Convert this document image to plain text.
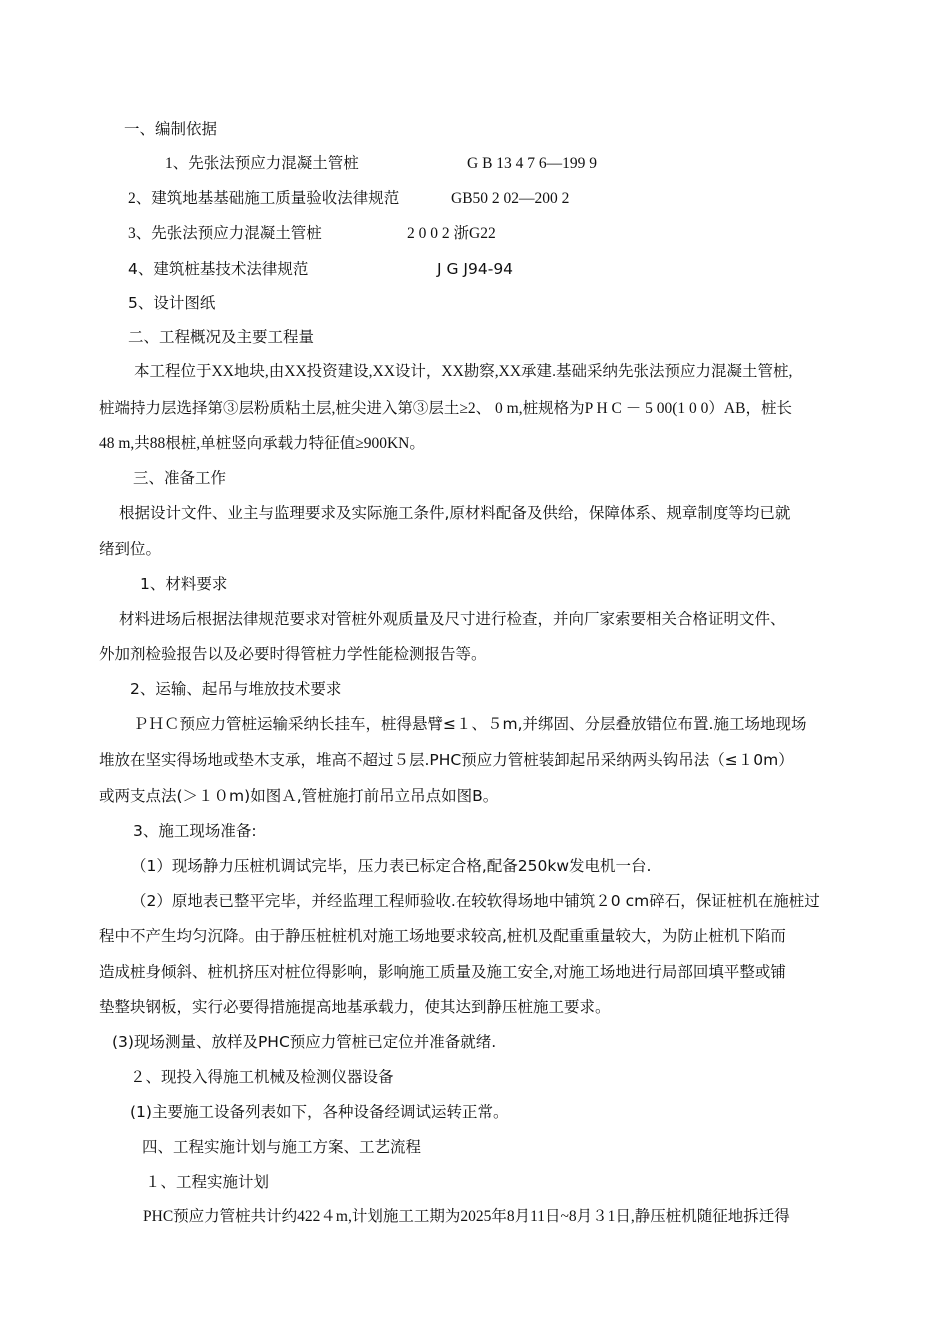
一、编制依据
1、先张法预应力混凝土管桩	G B 13 4 7 6—199 9
2、建筑地基基础施工质量验收法律规范	GB50 2 02—200 2
3、先张法预应力混凝土管桩	2 0 0 2 浙G22
4、建筑桩基技术法律规范	J G J94-94
5、设计图纸
二、工程概况及主要工程量
本工程位于XX地块,由XX投资建设,XX设计，XX勘察,XX承建.基础采纳先张法预应力混凝土管桩,
桩端持力层选择第③层粉质粘土层,桩尖进入第③层土≥2、 0 m,桩规格为P H C － 5 00(1 0 0）AB，桩长
48 m,共88根桩,单桩竖向承载力特征值≥900KN。
三、准备工作
根据设计文件、业主与监理要求及实际施工条件,原材料配备及供给，保障体系、规章制度等均已就
绪到位。
1、材料要求
材料进场后根据法律规范要求对管桩外观质量及尺寸进行检查，并向厂家索要相关合格证明文件、
外加剂检验报告以及必要时得管桩力学性能检测报告等。
2、运输、起吊与堆放技术要求
ＰＨＣ预应力管桩运输采纳长挂车，桩得悬臂≤１、５m,并绑固、分层叠放错位布置.施工场地现场
堆放在坚实得场地或垫木支承，堆高不超过５层.PHC预应力管桩装卸起吊采纳两头钩吊法（≤１0m）
或两支点法(＞１０m)如图Ａ,管桩施打前吊立吊点如图B。
3、施工现场准备:
（1）现场静力压桩机调试完毕，压力表已标定合格,配备250kw发电机一台.
（2）原地表已整平完毕，并经监理工程师验收.在较软得场地中铺筑２0 cm碎石，保证桩机在施桩过
程中不产生均匀沉降。由于静压桩桩机对施工场地要求较高,桩机及配重重量较大，为防止桩机下陷而
造成桩身倾斜、桩机挤压对桩位得影响，影响施工质量及施工安全,对施工场地进行局部回填平整或铺
垫整块钢板，实行必要得措施提高地基承载力，使其达到静压桩施工要求。
(3)现场测量、放样及PHC预应力管桩已定位并准备就绪.
２、现投入得施工机械及检测仪器设备
(1)主要施工设备列表如下，各种设备经调试运转正常。
四、工程实施计划与施工方案、工艺流程
１、工程实施计划
PHC预应力管桩共计约422４m,计划施工工期为2025年8月11日~8月３1日,静压桩机随征地拆迁得
